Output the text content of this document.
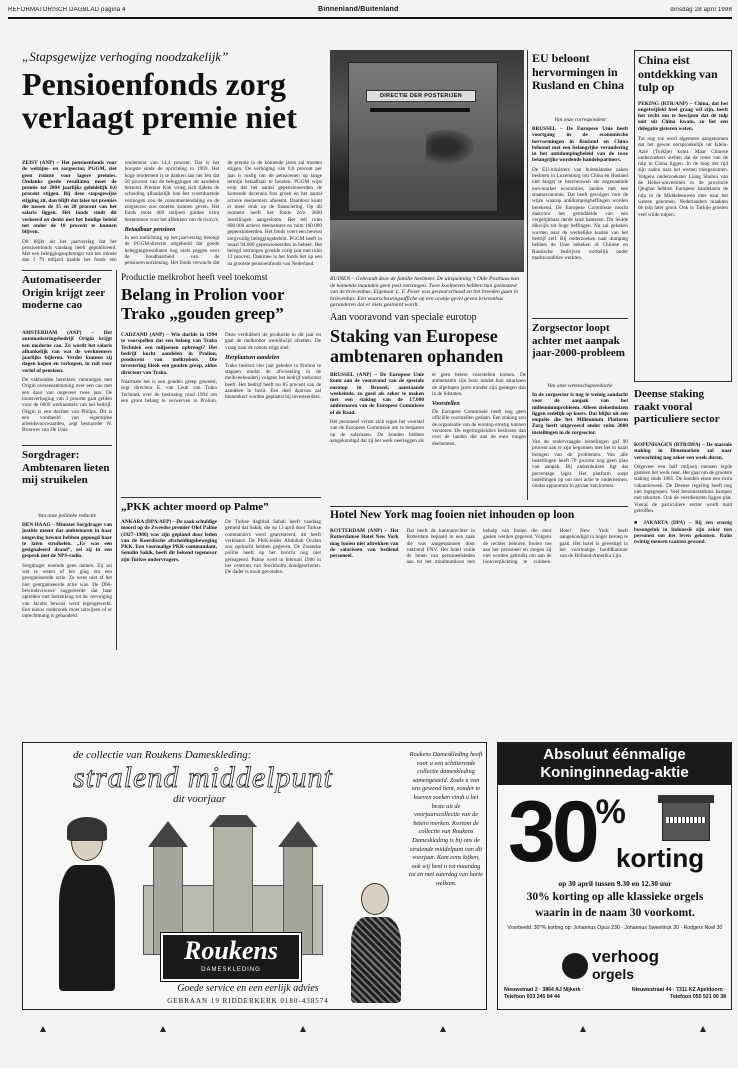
REFORMATORISCH DAGBLAD pagina 4	Binnenland/Buitenland	dinsdag 28 april 1998
„Stapsgewijze verhoging noodzakelijk”
Pensioenfonds zorg verlaagt premie niet
ZEIST (ANP) – Het pensioenfonds voor de welzijns- en zorgsector, PGGM, ziet geen ruimte voor lagere premies. Ondanks goede resultaten moet de premie tot 2004 jaarlijks geleidelijk 0,6 procent stijgen. Bij deze stapsgewijze stijging zit, dan blijft dat later tot premies die tussen de 15 en 20 procent van het salaris liggen. Het fonds vindt dit verkeerd en denkt met het huidige beleid net onder de 10 procent te kunnen blijven.
Dit blijkt uit het jaarverslag dat het pensioenfonds vandaag heeft gepubliceerd. Met een beleggingsopbrengst van ten minste dan f 79 miljard haalde het fonds een rendement van 14,4 procent. Dat is het hoogste sinds de oprichting in 1969. Het hoge rendement is te danken aan het feit dat 56 procent van de beleggingen uit aandelen bestond. Premier Kok vroeg zich tijdens de scheiding afhankelijk hoe het voortdurende vermogen zou de consumentendaling en de zorgsector zou moeten kunnen geven. Het fonds moet 400 miljoen gulden extra bestemmen voor het afdekken van de risico's.
Betaalbaar pensioen
In een toelichting op het jaarverslag betoogt de PGGM-directie uitgebreid dat goede beleggingsresultaten nog niets zeggen over de houdbaarheid van de pensioenvoorziening. Het fonds verwacht dat de premie in de komende jaren zal moeten stijgen. De verhoging van 0,6 procent per jaar is nodig om de pensioenen op lange termijn betaalbaar te houden. PGGM wijst erop dat het aantal gepensioneerden de komende decennia fors groeit en het aantal actieve deelnemers afneemt. Daardoor komt er meer druk op de financiering. Op dit moment heeft het fonds zo'n 3800 instellingen aangesloten. Het telt ruim 600.000 actieve deelnemers en ruim 160.000 gepensioneerden. Het fonds voert een bewust zorgvuldig beleggingsbeleid. PGGM heeft in totaal 94.000 gepensioneerden in beheer. Het belegd vermogen groeide vorig jaar met ruim 12 procent. Daarmee is het fonds het op een na grootste pensioenfonds van Nederland.
DIRECTIE DER POSTERIJEN
RUINEN – Gebrandt door de familie heelmeer. De uitspanning 't Olde Posthuus kan de komende maanden geen post ontvangen. Twee koolmezen hebben hun gezinsnest van de brievenbus. Eigenaar L. F. Poser was gewaarschuwd en liet breeden gaan in brievenbus. Een waarschuwingsaffiche op een oranje gevel geven brievenbus garanderen dat er niets gestoord wordt.
EU beloont hervormingen in Rusland en China
Van onze correspondent
BRUSSEL – De Europese Unie heeft voortgang in de economische hervormingen in Rusland en China beloond met een belangrijke verandering in het antidumpingbeleid van de twee belangrijke wordende handelspartners.
De EU-ministers van buitenlandse zaken besloten in Luxemburg om China en Rusland niet langer te beschouwen als zogenaamde non-market economies, landen met een staatseconomie. Dat heeft gevolgen voor de wijze waarop antidumpingheffingen worden berekend. De Europese Commissie mocht daarvoor het gemiddelde van een vergelijkbaar derde land hanteren. Dit leidde dikwijls tot hoge heffingen. Nu zal gekeken worden naar de werkelijke kosten van het bedrijf zelf. Bij onderzoeken naar dumping hebben de Unie bekeken of Chinese en Russische bedrijven werkelijk onder marktcondities werkten.
China eist ontdekking van tulp op
PEKING (RTR/ANP) – China, dat het ongetwijfeld heel graag wil zijn, heeft het recht om te bewijzen dat de tulp ooit uit China kwam, zo liet een delegatie gisteren weten.
Tot nog toe werd algemeen aangenomen dat het gewas oorspronkelijk uit Klein-Azië (Turkije) komt. Maar Chinese onderzoekers stellen dat de roots van de tulp in China liggen. In de loop der tijd zijn zaden naar het westen meegenomen. Volgens onderzoekster Liang Shuhui van de Hebei-universiteit in de provincie Qinghai hebben Europese handelaren de tulp in de Middeleeuwen mee naar het westen genomen. Nederlanders maakten de tulp later groot. Ook in Turkije groeien veel wilde tulpen.
Automatiseerder Origin krijgt zeer moderne cao
AMSTERDAM (ANP) – Het automatiseringsbedrijf Origin krijgt een moderne cao. Zo wordt het salaris afhankelijk van wat de werknemers jaarlijks bijleren. Verder kunnen zij dagen kopen en verkopen, in ruil voor verlof of pensioen.
De vakbonden bereikten vanmorgen met Origin overeenstemming over een cao met een duur van ongeveer twee jaar. De loonsverhoging van 3 procent gaat gelden voor de 6000 werknemers van het bedrijf. Origin is een dochter van Philips. Dit is een voorbeeld van eigentijdse arbeidsvoorwaarden, zegt bestuurder W. Brouwer van De Unie.
Sorgdrager: Ambtenaren lieten mij struikelen
Van onze politieke redactie
DEN HAAG – Minister Sorgdrager van justitie meent dat ambtenaren in haar omgeving bewust hebben gepoogd haar te laten struikelen. „Er was een gesignaleerd draad”, zei zij in een gesprek met de NPS-radio.
Sorgdrager noemde geen namen. Zij zei wel te weten of het ging om een georganiseerde actie. Ze wees niet af het niet georganiseerde actie was. De D66-bewindsvrouwe suggereerde dat haar optreden met betrekking tot de vervolging van Jacobs bewust werd tegengewerkt. Een nieuw onderzoek moet uitwijzen of er onrechtmatig is gehandeld.
Productie melkrobot heeft veel toekomst
Belang in Prolion voor Trako „gouden greep”
CADZAND (ANP) – Wie durfde in 1994 te voorspellen dat een belang van Trako Techniek een miljoenen opbrengt? Het bedrijf kocht aandelen in Prolion, producent van melkrobots. Die investering bleek een gouden greep, aldus directeur van Trako.
Naarmate het is een gouden greep geweest, zegt directeur E. van Leuk van Trako Techniek over de beslissing rond 1994 om een groot belang te verwerven in Prolion. Deze verdubbelt de productie in dit jaar en gaat de melkrobot wereldwijd afzetten. De vraag naar de robots stijgt snel.
Herplaatsen aandelen
Trako besloot vier jaar geleden in Prolion te stappen omdat de afwisseling in de melkveehouderij volgens het bedrijf toekomst heeft. Het bedrijf heeft nu 85 procent van de aandelen in bezit. Een deel daarvan zal binnenkort worden geplaatst bij investeerders.
„PKK achter moord op Palme”
ANKARA (DPA/AFP) – De zaak schuldige moord op de Zweedse premier Olof Palme (1927–1986) was zijn gepland door leden van de Koerdische afscheidingsbeweging PKK. Een voormalige PKK-commandant, Semdin Sakik, heeft dit bekend tegenover zijn Turkse ondervragers.
De Turkse dagblad Sabah heeft vandaag gemeld dat Sakik, die op 13 april door Turkse commando's werd gearresteerd, dit heeft verklaard. De PKK-leider Abdullah Ocalan zou opdracht hebben gegeven. De Zweedse politie heeft op het bericht nog niet gereageerd. Palme werd in februari 1986 in het centrum van Stockholm doodgeschoten. De dader is nooit gevonden.
Aan vooravond van speciale eurotop
Staking van Europese ambtenaren ophanden
BRUSSEL (ANP) – De Europese Unie komt aan de vooravond van de speciale eurotop in Brussel, aanstaande weekeinde, zo goed als zeker te maken met een staking van de 17.000 ambtenaren van de Europese Commissie of de Raad.
Het personeel verzet zich tegen het voorstel van de Europese Commissie om te besparen op de salarissen. De bonden hebben aangekondigd dat zij het werk neerleggen als er geen betere voorstellen komen. De ambtenaren zijn boos omdat hun salarissen de afgelopen jaren minder zijn gestegen dan in de lidstaten.
Voorstellen
De Europese Commissie heeft nog geen officiële voorstellen gedaan. Een staking zou de organisatie van de eurotop ernstig kunnen verstoren. De regeringsleiders beslissen dan over de landen die aan de euro mogen deelnemen.
Zorgsector loopt achter met aanpak jaar-2000-probleem
Van onze wetenschapsredactie
In de zorgsector is nog te weinig aandacht voor de aanpak van het millenniumprobleem. Alleen ziekenhuizen liggen redelijk op koers. Dat blijkt uit een enquête die het Millennium Platform Zorg heeft uitgevoerd onder ruim 2000 instellingen in de zorgsector.
Van de ondervraagde instellingen gaf 90 procent aan te zijn begonnen met het in kaart brengen van de problemen. Van alle instellingen heeft 70 procent nog geen plan van aanpak. Bij ziekenhuizen ligt dat percentage lager. Het platform roept instellingen op om snel actie te ondernemen, omdat apparatuur in gevaar kan komen.
Deense staking raakt vooral particuliere sector
KOPENHAGEN (RTR/DPA) – De massale staking in Denemarken zal naar verwachting nog zeker een week duren.
Ongeveer een half miljoen mensen legde gisteren het werk neer. Het gaat om de grootste staking sinds 1985. De bonden eisen een extra vakantieweek. De Deense regering heeft nog niet ingegrepen. Veel benzinestations kampen met tekorten. Ook de veerdiensten liggen plat. Vooral de particuliere sector wordt hard getroffen.
■ JAKARTA (DPA) – Bij een ernstig busongeluk in Indonesië zijn zeker tien personen om het leven gekomen. Ruim twintig mensen raakten gewond.
Hotel New York mag fooien niet inhouden op loon
ROTTERDAM (ANP) – Het Rotterdamse Hotel New York mag fooien niet aftrekken van de salarissen van bediend personeel.
Dat heeft de kantonrechter in Rotterdam bepaald in een zaak die was aangespannen door vakbond FNV. Het hotel vulde de lonen van personeelsleden aan tot het minimumloon met behulp van fooien die door gasten werden gegeven. Volgens de rechter behoren fooien toe aan het personeel en mogen zij niet worden gebruikt om aan de loonverplichting te voldoen. Hotel New York heeft aangekondigd in hoger beroep te gaan. Het hotel is gevestigd in het voormalige hoofdkantoor van de Holland-Amerika Lijn.
de collectie van Roukens Dameskleding:
stralend middelpunt
dit voorjaar
Roukens
DAMESKLEDING
Goede service en een eerlijk advies
GEBRAAN 19 RIDDERKERK 0180-438574
Roukens Dameskleding heeft voor u een schitterende collectie dameskleding samengesteld. Zoals u van ons gewend bent, zonder te hoeven zoeken vindt u het beste uit de voorjaarscollectie van de betere merken. Kortom de collectie van Roukens Dameskleding is bij ons de stralende middelpunt van dit voorjaar. Kom eens kijken, ook wij bent u tot maandag tot en met zaterdag van harte welkom.
Absoluut éénmalige
Koninginnedag-aktie
30%
korting
op 30 april tussen 9.30 en 12.30 uur
30% korting op alle klassieke orgels
waarin in de naam 30 voorkomt.
Voorbeeld: 30°% korting op: Johannus Opus 230 · Johannus Sweelinck 30 · Rodgers Noel 30
verhoog
orgels
Nieuwstraat 2 · 3864 AJ Nijkerk · Telefoon 033 245 84 44
Nieuwestraat 44 · 7311 KZ Apeldoorn · Telefoon 055 521 90 38
